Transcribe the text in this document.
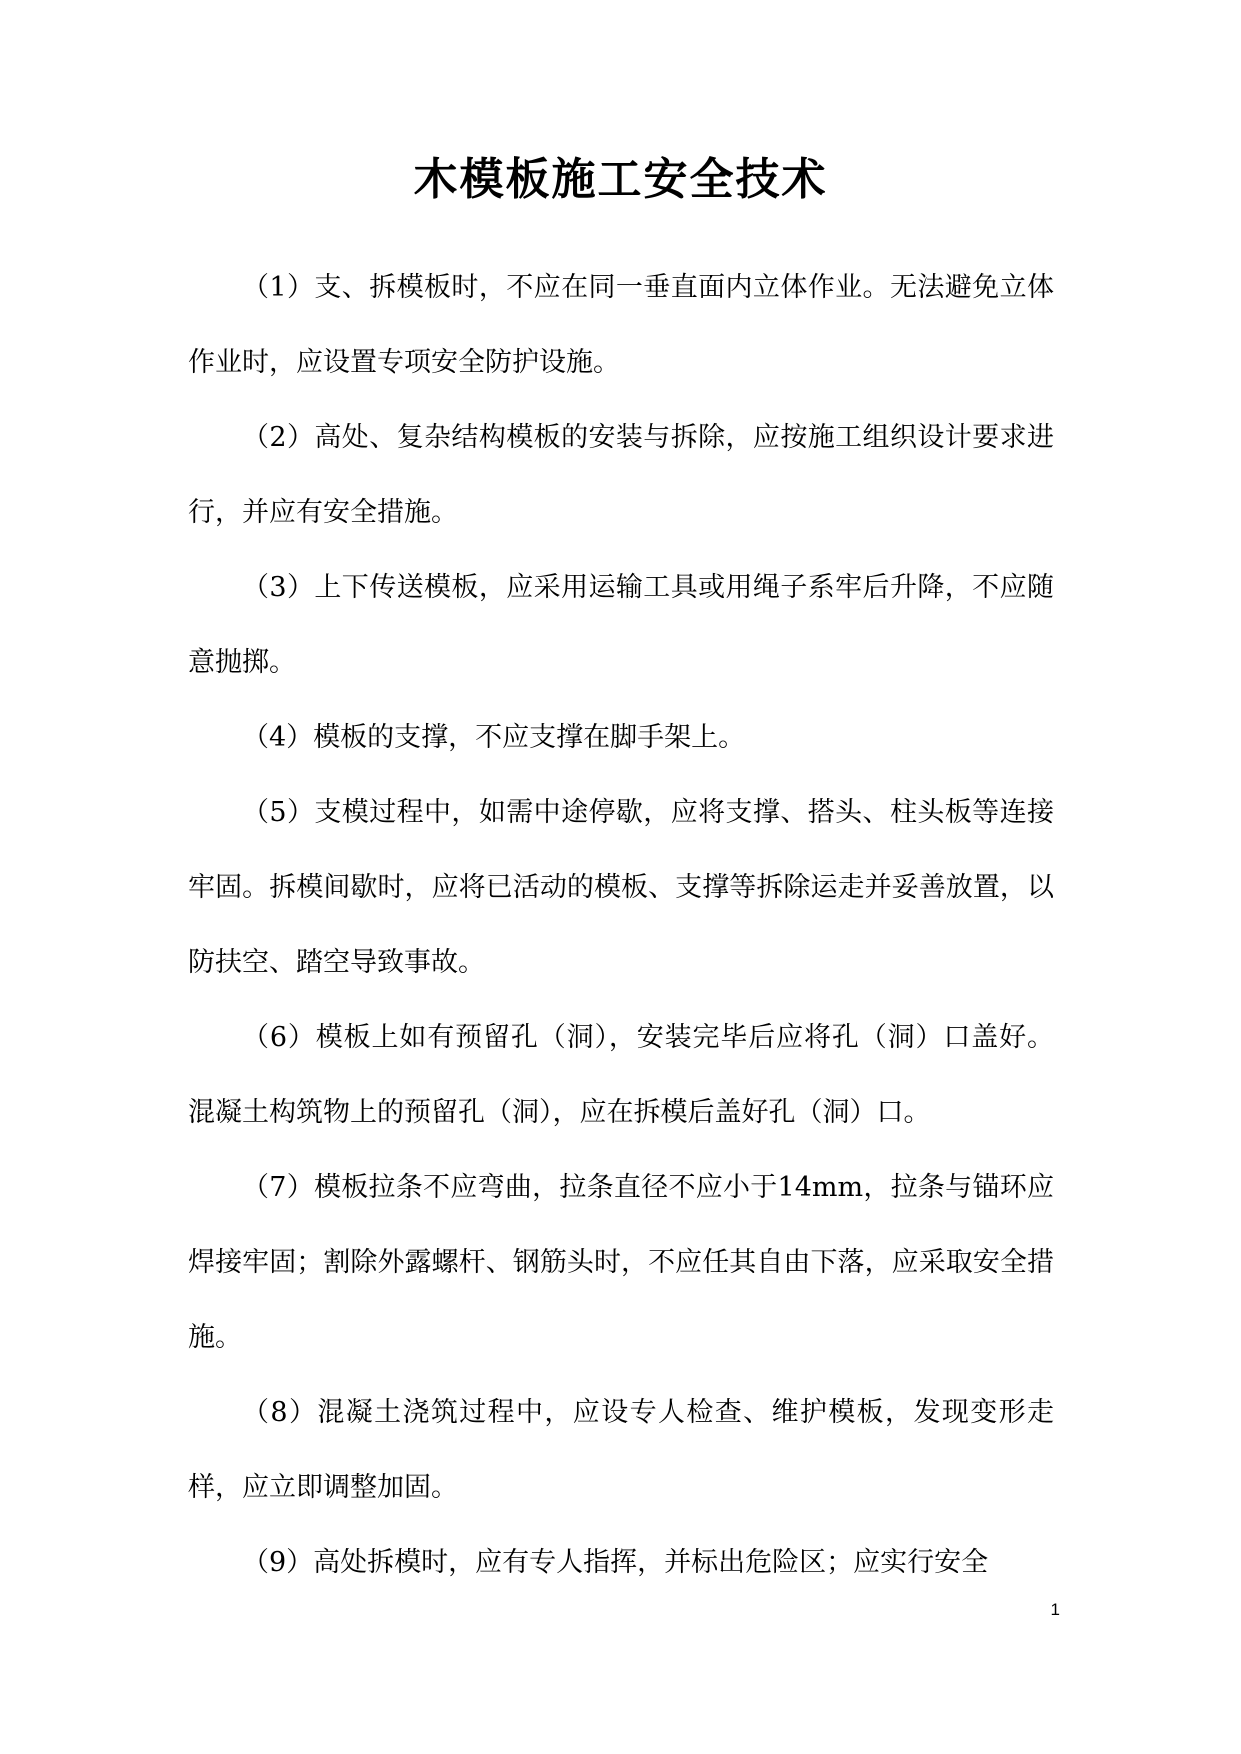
木模板施工安全技术

（1）支、拆模板时，不应在同一垂直面内立体作业。无法避免立体作业时，应设置专项安全防护设施。

（2）高处、复杂结构模板的安装与拆除，应按施工组织设计要求进行，并应有安全措施。

（3）上下传送模板，应采用运输工具或用绳子系牢后升降，不应随意抛掷。

（4）模板的支撑，不应支撑在脚手架上。

（5）支模过程中，如需中途停歇，应将支撑、搭头、柱头板等连接牢固。拆模间歇时，应将已活动的模板、支撑等拆除运走并妥善放置，以防扶空、踏空导致事故。

（6）模板上如有预留孔（洞），安装完毕后应将孔（洞）口盖好。混凝土构筑物上的预留孔（洞），应在拆模后盖好孔（洞）口。

（7）模板拉条不应弯曲，拉条直径不应小于14mm，拉条与锚环应焊接牢固；割除外露螺杆、钢筋头时，不应任其自由下落，应采取安全措施。

（8）混凝土浇筑过程中，应设专人检查、维护模板，发现变形走样，应立即调整加固。

（9）高处拆模时，应有专人指挥，并标出危险区；应实行安全

1
